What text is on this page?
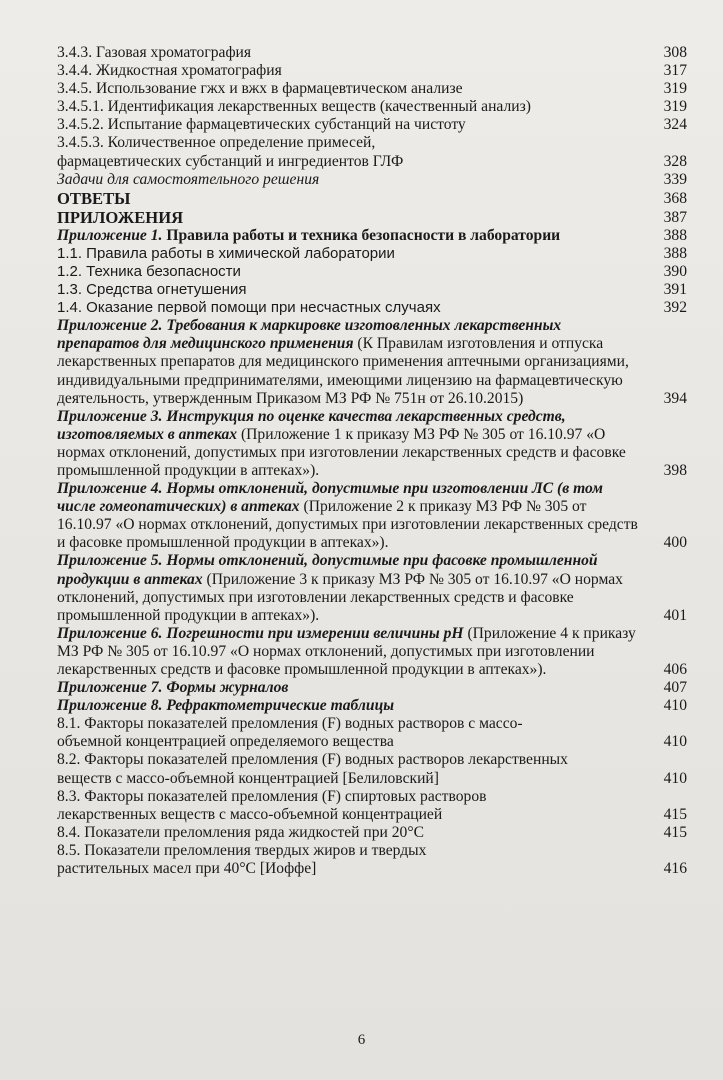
3.4.3. Газовая хроматография	308
3.4.4. Жидкостная хроматография	317
3.4.5. Использование гжх и вжх в фармацевтическом анализе	319
3.4.5.1. Идентификация лекарственных веществ (качественный анализ)	319
3.4.5.2. Испытание фармацевтических субстанций на чистоту	324
3.4.5.3. Количественное определение примесей, фармацевтических субстанций и ингредиентов ГЛФ	328
Задачи для самостоятельного решения	339
ОТВЕТЫ	368
ПРИЛОЖЕНИЯ	387
Приложение 1. Правила работы и техника безопасности в лаборатории	388
1.1. Правила работы в химической лаборатории	388
1.2. Техника безопасности	390
1.3. Средства огнетушения	391
1.4. Оказание первой помощи при несчастных случаях	392
Приложение 2. Требования к маркировке изготовленных лекарственных препаратов для медицинского применения (К Правилам изготовления и отпуска лекарственных препаратов для медицинского применения аптечными организациями, индивидуальными предпринимателями, имеющими лицензию на фармацевтическую деятельность, утвержденным Приказом МЗ РФ № 751н от 26.10.2015)	394
Приложение 3. Инструкция по оценке качества лекарственных средств, изготовляемых в аптеках (Приложение 1 к приказу МЗ РФ № 305 от 16.10.97 «О нормах отклонений, допустимых при изготовлении лекарственных средств и фасовке промышленной продукции в аптеках»).	398
Приложение 4. Нормы отклонений, допустимые при изготовлении ЛС (в том числе гомеопатических) в аптеках (Приложение 2 к приказу МЗ РФ № 305 от 16.10.97 «О нормах отклонений, допустимых при изготовлении лекарственных средств и фасовке промышленной продукции в аптеках»).	400
Приложение 5. Нормы отклонений, допустимые при фасовке промышленной продукции в аптеках (Приложение 3 к приказу МЗ РФ № 305 от 16.10.97 «О нормах отклонений, допустимых при изготовлении лекарственных средств и фасовке промышленной продукции в аптеках»).	401
Приложение 6. Погрешности при измерении величины рН (Приложение 4 к приказу МЗ РФ № 305 от 16.10.97 «О нормах отклонений, допустимых при изготовлении лекарственных средств и фасовке промышленной продукции в аптеках»).	406
Приложение 7. Формы журналов	407
Приложение 8. Рефрактометрические таблицы	410
8.1. Факторы показателей преломления (F) водных растворов с массо-объемной концентрацией определяемого вещества	410
8.2. Факторы показателей преломления (F) водных растворов лекарственных веществ с массо-объемной концентрацией [Белиловский]	410
8.3. Факторы показателей преломления (F) спиртовых растворов лекарственных веществ с массо-объемной концентрацией	415
8.4. Показатели преломления ряда жидкостей при 20°С	415
8.5. Показатели преломления твердых жиров и твердых растительных масел при 40°С [Иоффе]	416
6
